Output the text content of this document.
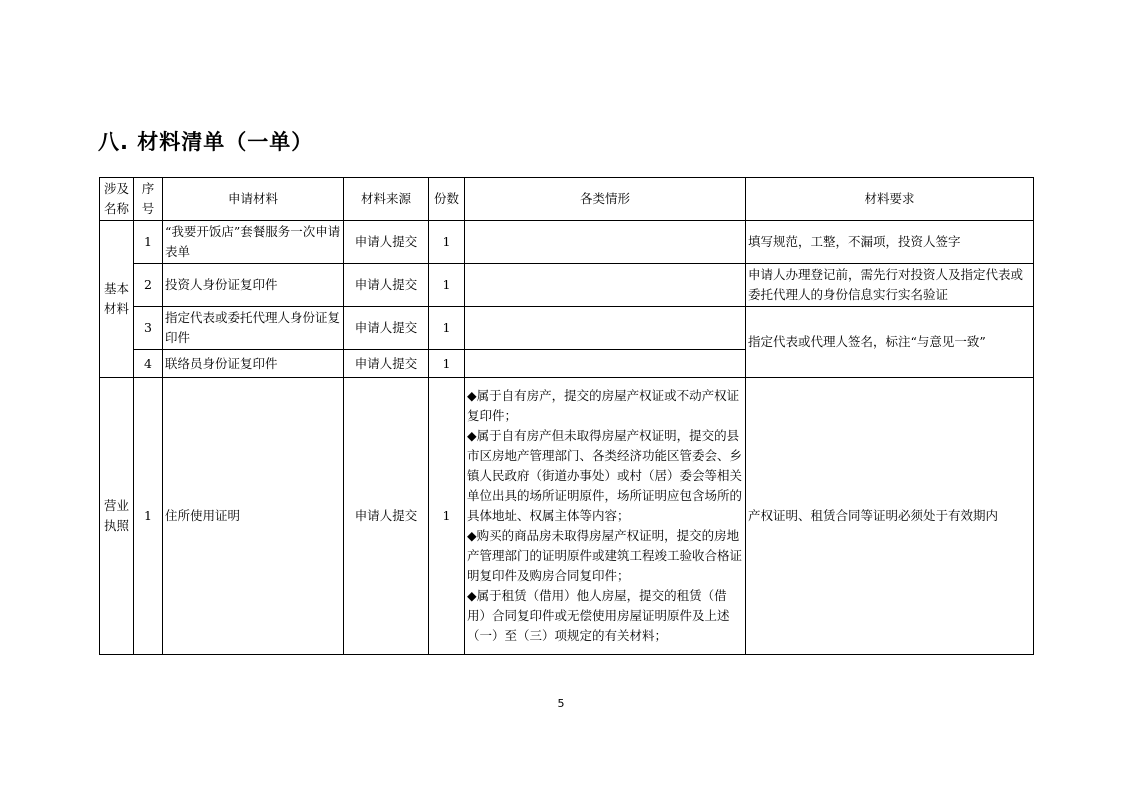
八. 材料清单（一单）
涉及名称	序号	申请材料	材料来源	份数	各类情形	材料要求
基本材料	1	“我要开饭店”套餐服务一次申请表单	申请人提交	1		填写规范，工整，不漏项，投资人签字
	2	投资人身份证复印件	申请人提交	1		申请人办理登记前，需先行对投资人及指定代表或委托代理人的身份信息实行实名验证
	3	指定代表或委托代理人身份证复印件	申请人提交	1		指定代表或代理人签名，标注“与意见一致”
	4	联络员身份证复印件	申请人提交	1		
营业执照	1	住所使用证明	申请人提交	1	◆属于自有房产，提交的房屋产权证或不动产权证复印件；
◆属于自有房产但未取得房屋产权证明，提交的县市区房地产管理部门、各类经济功能区管委会、乡镇人民政府（街道办事处）或村（居）委会等相关单位出具的场所证明原件，场所证明应包含场所的具体地址、权属主体等内容；
◆购买的商品房未取得房屋产权证明，提交的房地产管理部门的证明原件或建筑工程竣工验收合格证明复印件及购房合同复印件；
◆属于租赁（借用）他人房屋，提交的租赁（借用）合同复印件或无偿使用房屋证明原件及上述（一）至（三）项规定的有关材料；	产权证明、租赁合同等证明必须处于有效期内
5
